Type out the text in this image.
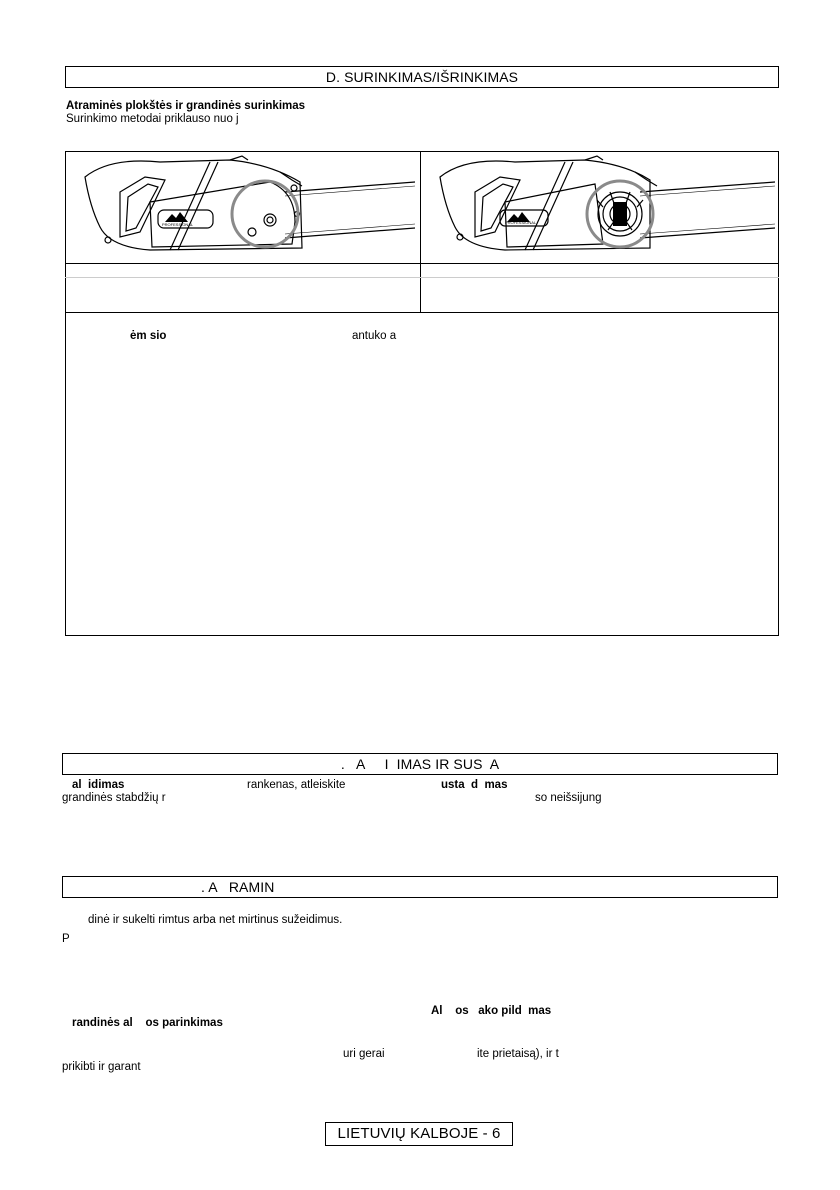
D. SURINKIMAS/IŠRINKIMAS
Atraminės plokštės ir grandinės surinkimas
Surinkimo metodai priklauso nuo j
PROFESSIONAL	PROFESSIONAL
ėm sio	antuko a
.   A     I  IMAS IR SUS  A
al  idimas	rankenas, atleiskite	usta  d  mas
grandinės stabdžių r	so neišsijung
. A   RAMIN
dinė ir sukelti rimtus arba net mirtinus sužeidimus.
P
Al    os   ako pild  mas
randinės al    os parinkimas
uri gerai	ite prietaisą), ir t
prikibti ir garant
LIETUVIŲ KALBOJE - 6
